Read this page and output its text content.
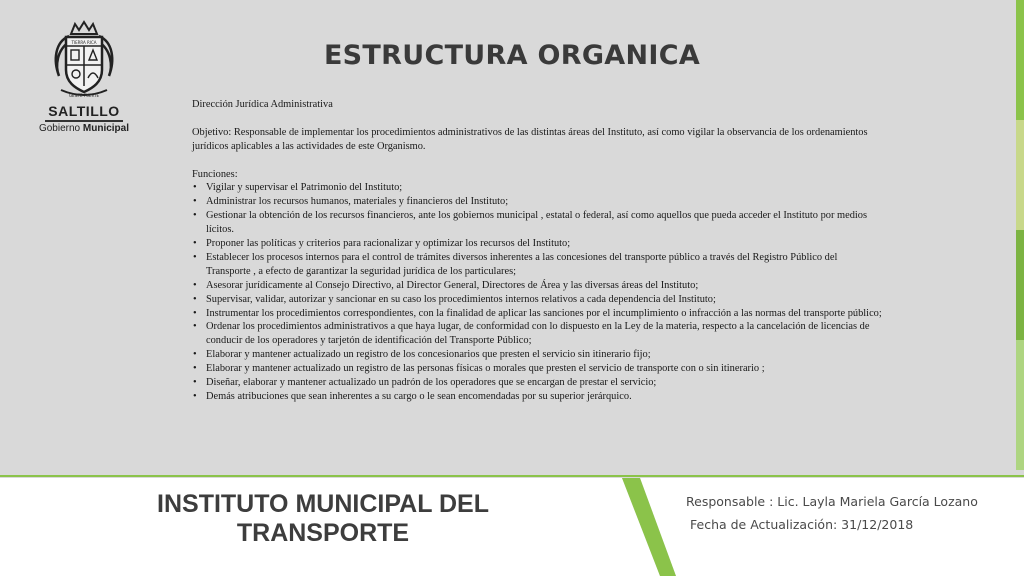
TIERRA RICA
GENTE FUERTE
SALTILLO
Gobierno Municipal
ESTRUCTURA ORGANICA

Dirección Jurídica Administrativa

Objetivo: Responsable de implementar los procedimientos administrativos de las distintas áreas del Instituto, así como vigilar la observancia de los ordenamientos jurídicos aplicables a las actividades de este Organismo.

Funciones:

• Vigilar y supervisar el Patrimonio del Instituto;
• Administrar los recursos humanos, materiales y financieros del Instituto;
• Gestionar la obtención de los recursos financieros, ante los gobiernos municipal , estatal o federal, así como aquellos que pueda acceder el Instituto por medios lícitos.
• Proponer las políticas y criterios para racionalizar y optimizar los recursos del Instituto;
• Establecer los procesos internos para el control de trámites diversos inherentes a las concesiones del transporte público a través del Registro Público del Transporte , a efecto de garantizar la seguridad jurídica de los particulares;
• Asesorar jurídicamente al Consejo Directivo, al Director General, Directores de Área y las diversas áreas del Instituto;
• Supervisar, validar, autorizar y sancionar en su caso los procedimientos internos relativos a cada dependencia del Instituto;
• Instrumentar los procedimientos correspondientes, con la finalidad de aplicar las sanciones por el incumplimiento o infracción a las normas del transporte público;
• Ordenar los procedimientos administrativos a que haya lugar, de conformidad con lo dispuesto en la Ley de la materia, respecto a la cancelación de licencias de conducir de los operadores y tarjetón de identificación del Transporte Público;
• Elaborar y mantener actualizado un registro de los concesionarios que presten el servicio sin itinerario fijo;
• Elaborar y mantener actualizado un registro de las personas físicas o morales que presten el servicio de transporte con o sin itinerario ;
• Diseñar, elaborar y mantener actualizado un padrón de los operadores que se encargan de prestar el servicio;
• Demás atribuciones que sean inherentes a su cargo o le sean encomendadas por su superior jerárquico.
INSTITUTO MUNICIPAL DEL TRANSPORTE
Responsable : Lic. Layla Mariela García Lozano
Fecha de Actualización: 31/12/2018
